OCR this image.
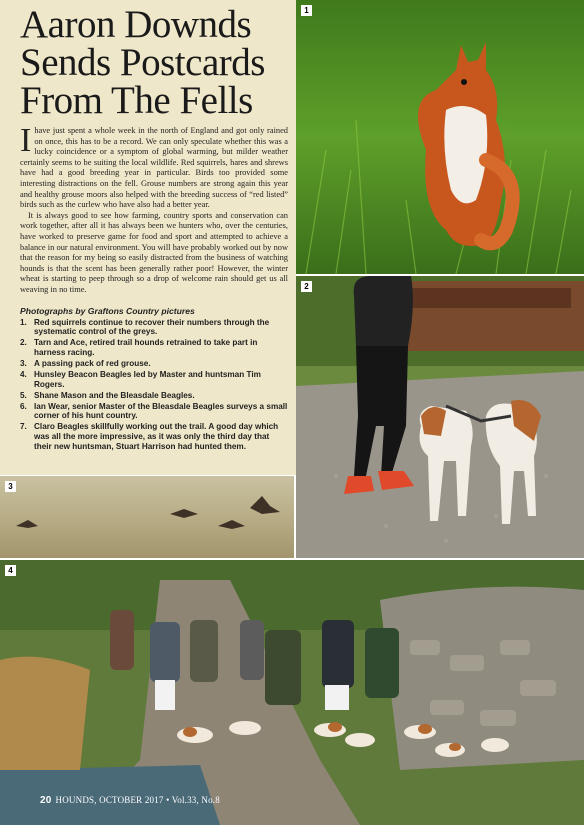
Aaron Downds
Sends Postcards
From The Fells

Ihave just spent a whole week in the north of England and got only rained on once, this has to be a record. We can only speculate whether this was a lucky coincidence or a symptom of global warming, but milder weather certainly seems to be suiting the local wildlife. Red squirrels, hares and shrews have had a good breeding year in particular. Birds too provided some interesting distractions on the fell. Grouse numbers are strong again this year and healthy grouse moors also helped with the breeding success of “red listed” birds such as the curlew who have also had a better year.

It is always good to see how farming, country sports and conservation can work together, after all it has always been we hunters who, over the centuries, have worked to preserve game for food and sport and attempted to achieve a balance in our natural environment. You will have probably worked out by now that the reason for my being so easily distracted from the business of watching hounds is that the scent has been generally rather poor! However, the winter wheat is starting to peep through so a drop of welcome rain should get us all weaving in no time.

Photographs by Graftons Country pictures
1. Red squirrels continue to recover their numbers through the systematic control of the greys.
2. Tarn and Ace, retired trail hounds retrained to take part in harness racing.
3. A passing pack of red grouse.
4. Hunsley Beacon Beagles led by Master and huntsman Tim Rogers.
5. Shane Mason and the Bleasdale Beagles.
6. Ian Wear, senior Master of the Bleasdale Beagles surveys a small corner of his hunt country.
7. Claro Beagles skillfully working out the trail. A good day which was all the more impressive, as it was only the third day that their new huntsman, Stuart Harrison had hunted them.
1
2
3
4
20 HOUNDS, OCTOBER 2017 • Vol.33, No.8
